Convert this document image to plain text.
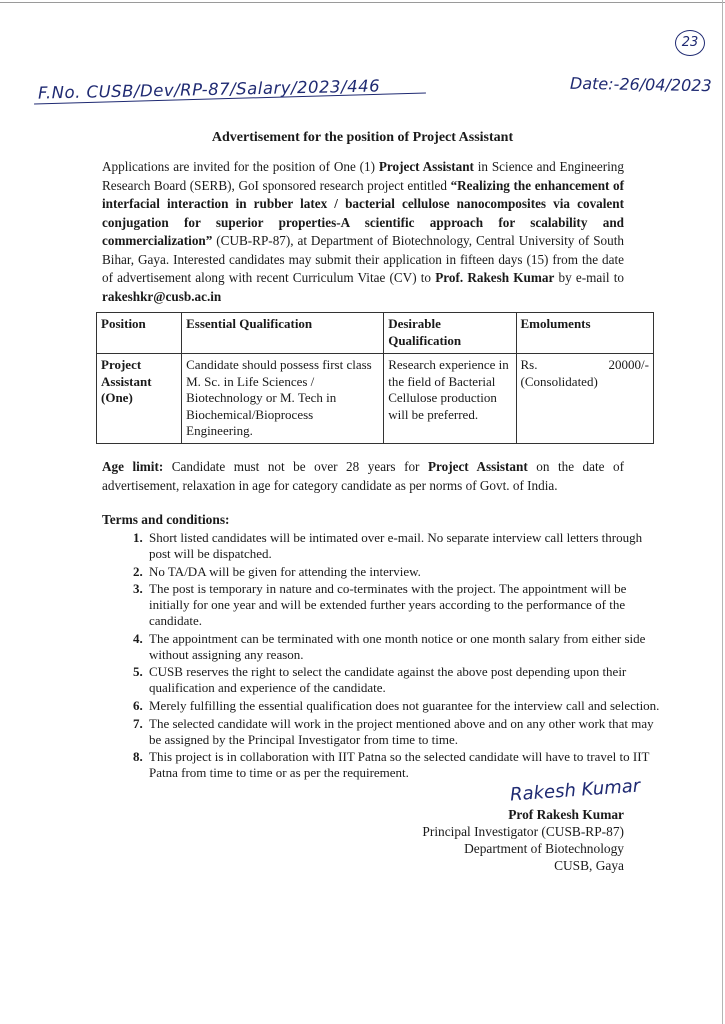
23
F.No. CUSB/Dev/RP-87/Salary/2023/446	Date:-26/04/2023
Advertisement for the position of Project Assistant
Applications are invited for the position of One (1) Project Assistant in Science and Engineering Research Board (SERB), GoI sponsored research project entitled “Realizing the enhancement of interfacial interaction in rubber latex / bacterial cellulose nanocomposites via covalent conjugation for superior properties-A scientific approach for scalability and commercialization” (CUB-RP-87), at Department of Biotechnology, Central University of South Bihar, Gaya. Interested candidates may submit their application in fifteen days (15) from the date of advertisement along with recent Curriculum Vitae (CV) to Prof. Rakesh Kumar by e-mail to rakeshkr@cusb.ac.in
Position	Essential Qualification	Desirable Qualification	Emoluments
Project Assistant (One)	Candidate should possess first class M. Sc. in Life Sciences / Biotechnology or M. Tech in Biochemical/Bioprocess Engineering.	Research experience in the field of Bacterial Cellulose production will be preferred.	Rs. 20000/-
(Consolidated)
Age limit: Candidate must not be over 28 years for Project Assistant on the date of advertisement, relaxation in age for category candidate as per norms of Govt. of India.
Terms and conditions:
1. Short listed candidates will be intimated over e-mail. No separate interview call letters through post will be dispatched.
2. No TA/DA will be given for attending the interview.
3. The post is temporary in nature and co-terminates with the project. The appointment will be initially for one year and will be extended further years according to the performance of the candidate.
4. The appointment can be terminated with one month notice or one month salary from either side without assigning any reason.
5. CUSB reserves the right to select the candidate against the above post depending upon their qualification and experience of the candidate.
6. Merely fulfilling the essential qualification does not guarantee for the interview call and selection.
7. The selected candidate will work in the project mentioned above and on any other work that may be assigned by the Principal Investigator from time to time.
8. This project is in collaboration with IIT Patna so the selected candidate will have to travel to IIT Patna from time to time or as per the requirement.
Rakesh Kumar
Prof Rakesh Kumar
Principal Investigator (CUSB-RP-87)
Department of Biotechnology
CUSB, Gaya
